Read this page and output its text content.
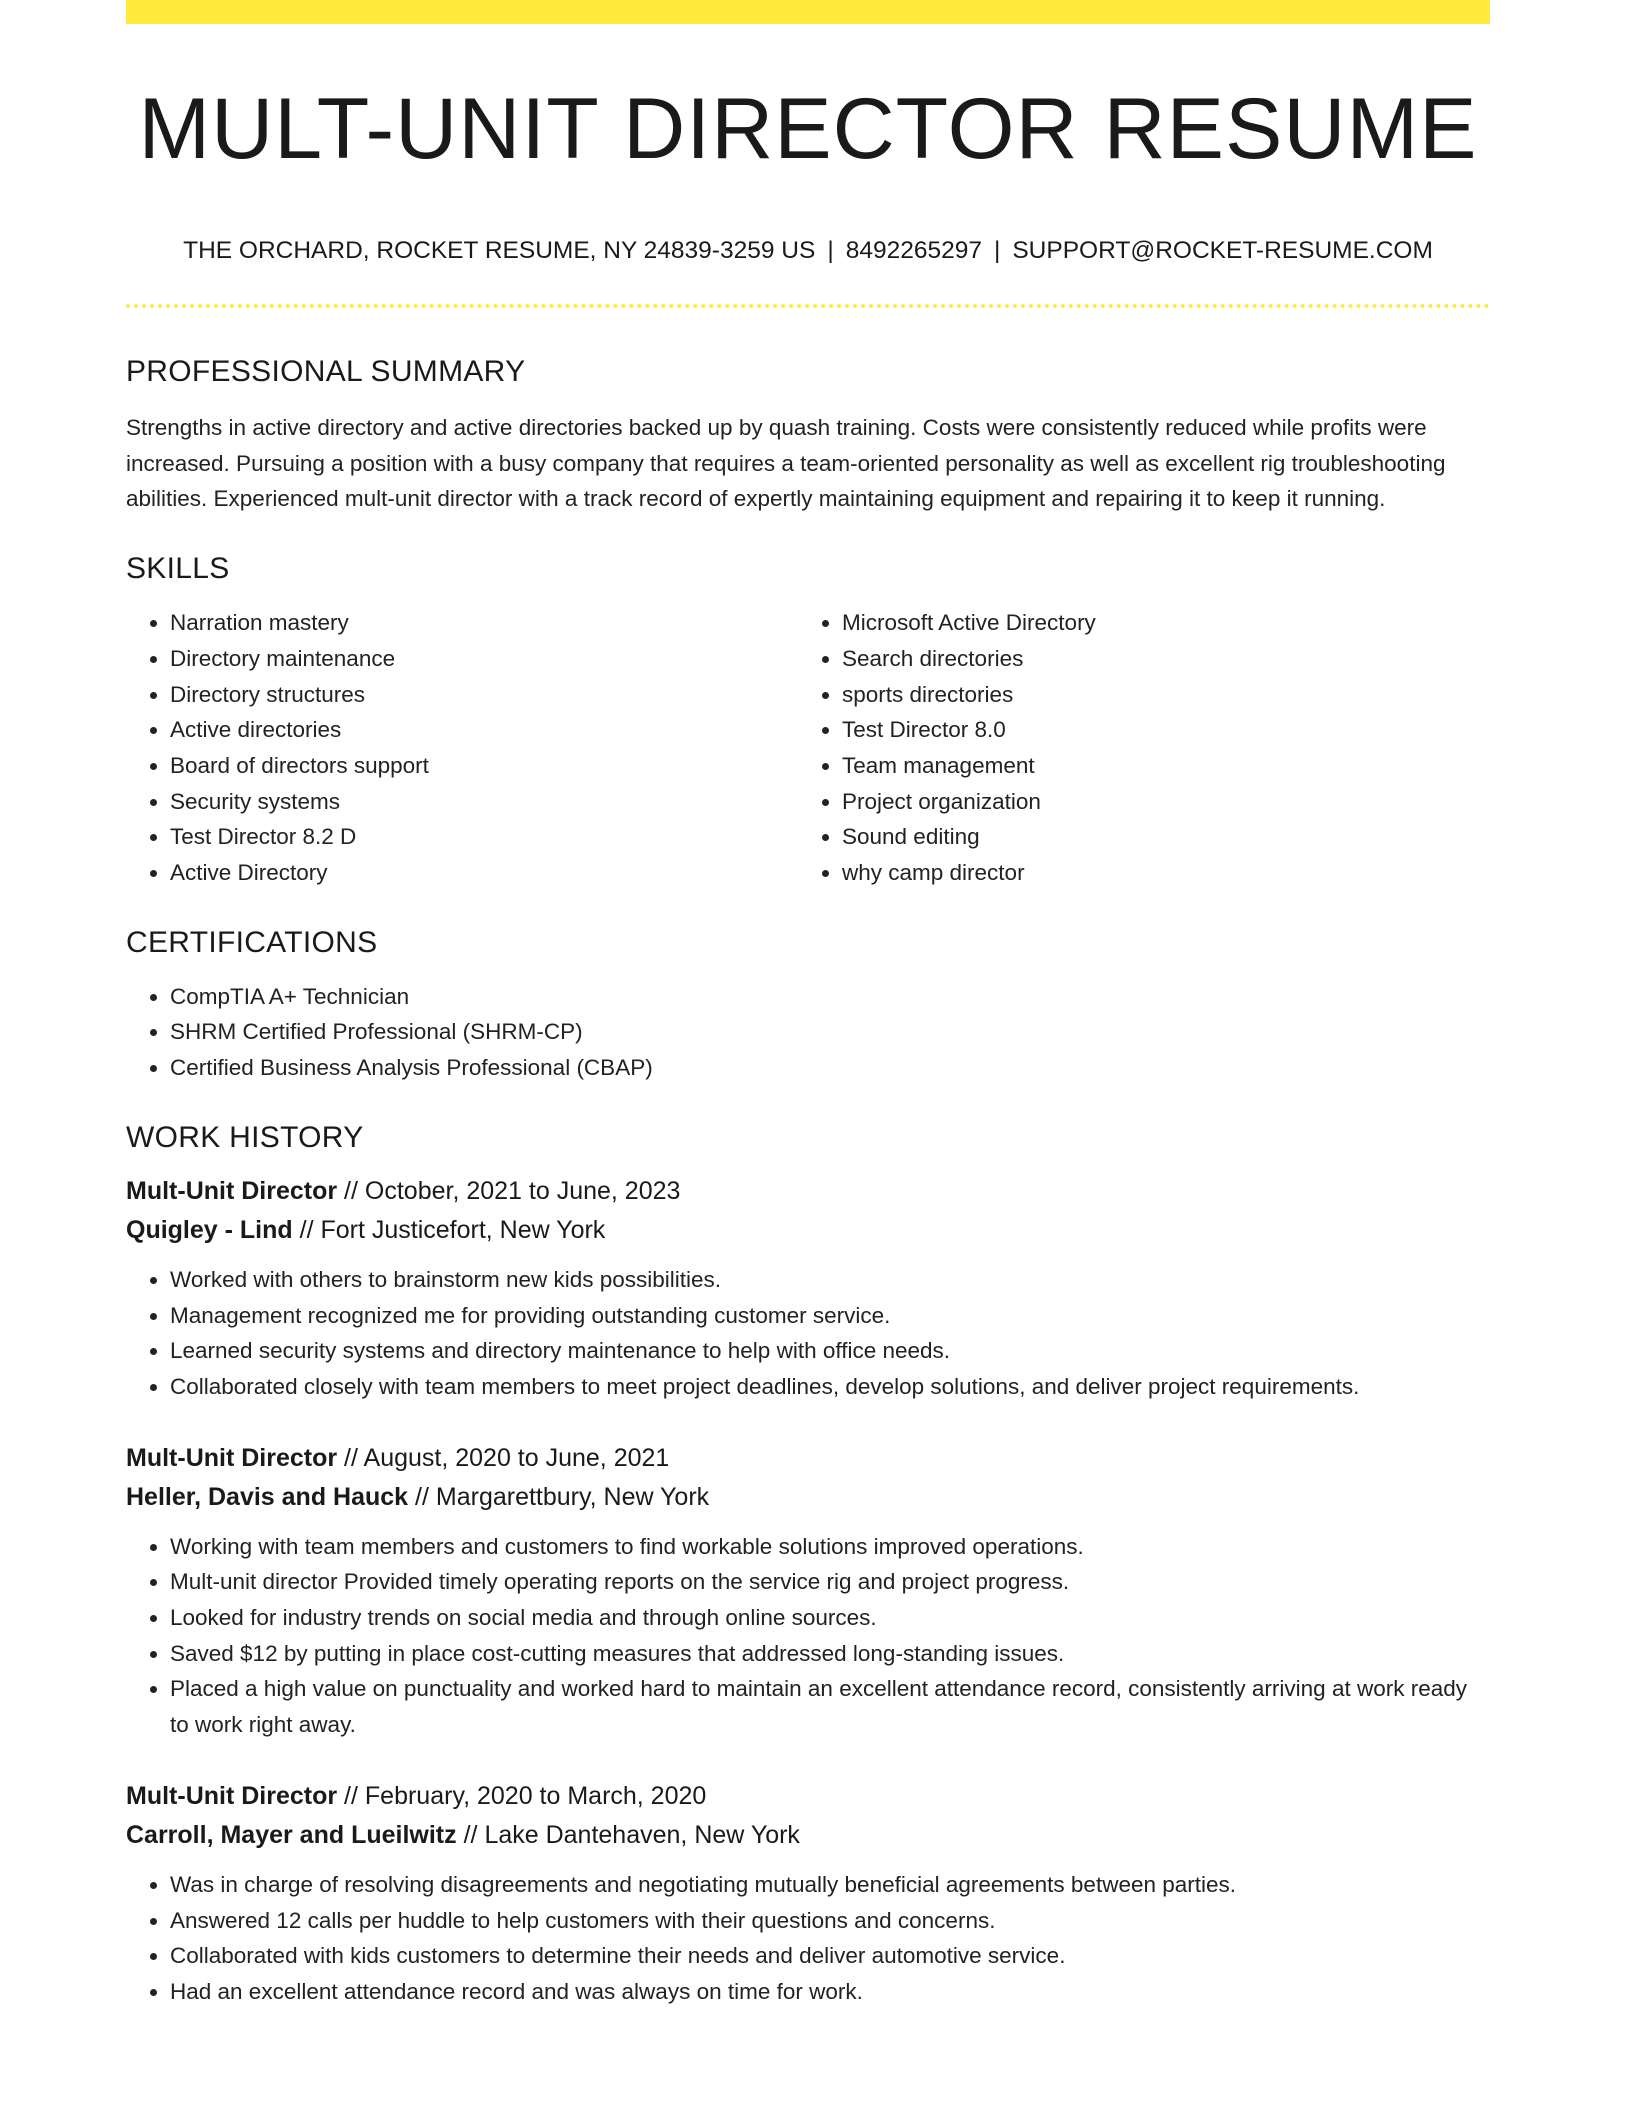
MULT-UNIT DIRECTOR RESUME
THE ORCHARD, ROCKET RESUME, NY 24839-3259 US | 8492265297 | SUPPORT@ROCKET-RESUME.COM
PROFESSIONAL SUMMARY

Strengths in active directory and active directories backed up by quash training. Costs were consistently reduced while profits were increased. Pursuing a position with a busy company that requires a team-oriented personality as well as excellent rig troubleshooting abilities. Experienced mult-unit director with a track record of expertly maintaining equipment and repairing it to keep it running.

SKILLS
• Narration mastery
• Directory maintenance
• Directory structures
• Active directories
• Board of directors support
• Security systems
• Test Director 8.2 D
• Active Directory
• Microsoft Active Directory
• Search directories
• sports directories
• Test Director 8.0
• Team management
• Project organization
• Sound editing
• why camp director
CERTIFICATIONS
• CompTIA A+ Technician
• SHRM Certified Professional (SHRM-CP)
• Certified Business Analysis Professional (CBAP)
WORK HISTORY
Mult-Unit Director // October, 2021 to June, 2023
Quigley - Lind // Fort Justicefort, New York
• Worked with others to brainstorm new kids possibilities.
• Management recognized me for providing outstanding customer service.
• Learned security systems and directory maintenance to help with office needs.
• Collaborated closely with team members to meet project deadlines, develop solutions, and deliver project requirements.
Mult-Unit Director // August, 2020 to June, 2021
Heller, Davis and Hauck // Margarettbury, New York
• Working with team members and customers to find workable solutions improved operations.
• Mult-unit director Provided timely operating reports on the service rig and project progress.
• Looked for industry trends on social media and through online sources.
• Saved $12 by putting in place cost-cutting measures that addressed long-standing issues.
• Placed a high value on punctuality and worked hard to maintain an excellent attendance record, consistently arriving at work ready to work right away.
Mult-Unit Director // February, 2020 to March, 2020
Carroll, Mayer and Lueilwitz // Lake Dantehaven, New York
• Was in charge of resolving disagreements and negotiating mutually beneficial agreements between parties.
• Answered 12 calls per huddle to help customers with their questions and concerns.
• Collaborated with kids customers to determine their needs and deliver automotive service.
• Had an excellent attendance record and was always on time for work.
